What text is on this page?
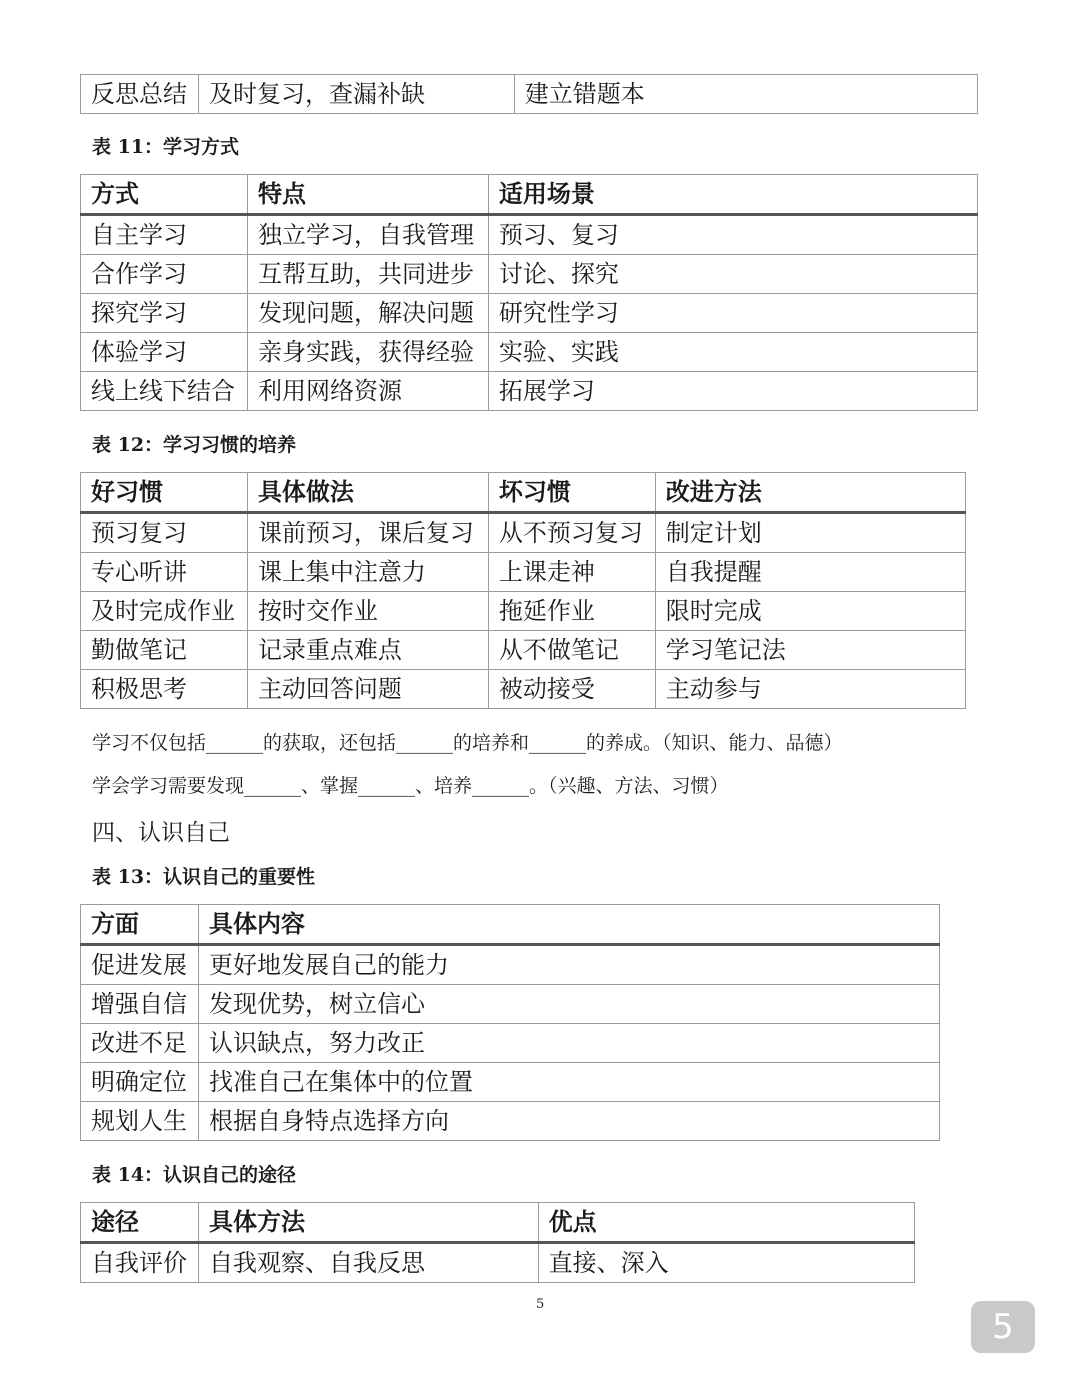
反思总结	及时复习，查漏补缺	建立错题本
表 11：学习方式
方式	特点	适用场景
自主学习	独立学习，自我管理	预习、复习
合作学习	互帮互助，共同进步	讨论、探究
探究学习	发现问题，解决问题	研究性学习
体验学习	亲身实践，获得经验	实验、实践
线上线下结合	利用网络资源	拓展学习
表 12：学习习惯的培养
好习惯	具体做法	坏习惯	改进方法
预习复习	课前预习，课后复习	从不预习复习	制定计划
专心听讲	课上集中注意力	上课走神	自我提醒
及时完成作业	按时交作业	拖延作业	限时完成
勤做笔记	记录重点难点	从不做笔记	学习笔记法
积极思考	主动回答问题	被动接受	主动参与
学习不仅包括______的获取，还包括______的培养和______的养成。（知识、能力、品德）
学会学习需要发现______、掌握______、培养______。（兴趣、方法、习惯）
四、认识自己
表 13：认识自己的重要性
方面	具体内容
促进发展	更好地发展自己的能力
增强自信	发现优势，树立信心
改进不足	认识缺点，努力改正
明确定位	找准自己在集体中的位置
规划人生	根据自身特点选择方向
表 14：认识自己的途径
途径	具体方法	优点
自我评价	自我观察、自我反思	直接、深入
5
5
